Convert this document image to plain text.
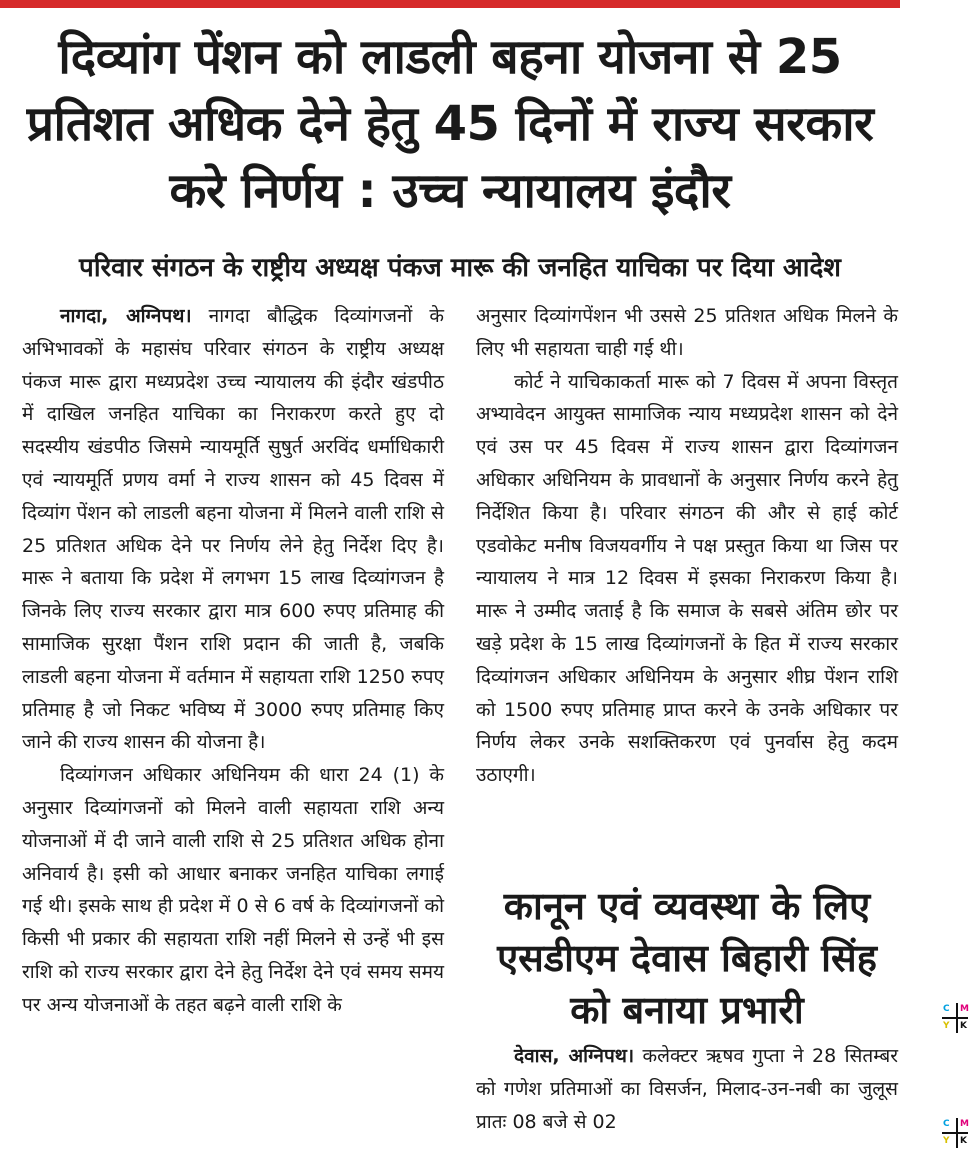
दिव्यांग पेंशन को लाडली बहना योजना से 25 प्रतिशत अधिक देने हेतु 45 दिनों में राज्य सरकार करे निर्णय : उच्च न्यायालय इंदौर
परिवार संगठन के राष्ट्रीय अध्यक्ष पंकज मारू की जनहित याचिका पर दिया आदेश

नागदा, अग्निपथ। नागदा बौद्धिक दिव्यांगजनों के अभिभावकों के महासंघ परिवार संगठन के राष्ट्रीय अध्यक्ष पंकज मारू द्वारा मध्यप्रदेश उच्च न्यायालय की इंदौर खंडपीठ में दाखिल जनहित याचिका का निराकरण करते हुए दो सदस्यीय खंडपीठ जिसमे न्यायमूर्ति सुषुर्त अरविंद धर्माधिकारी एवं न्यायमूर्ति प्रणय वर्मा ने राज्य शासन को 45 दिवस में दिव्यांग पेंशन को लाडली बहना योजना में मिलने वाली राशि से 25 प्रतिशत अधिक देने पर निर्णय लेने हेतु निर्देश दिए है। मारू ने बताया कि प्रदेश में लगभग 15 लाख दिव्यांगजन है जिनके लिए राज्य सरकार द्वारा मात्र 600 रुपए प्रतिमाह की सामाजिक सुरक्षा पैंशन राशि प्रदान की जाती है, जबकि लाडली बहना योजना में वर्तमान में सहायता राशि 1250 रुपए प्रतिमाह है जो निकट भविष्य में 3000 रुपए प्रतिमाह किए जाने की राज्य शासन की योजना है।

दिव्यांगजन अधिकार अधिनियम की धारा 24 (1) के अनुसार दिव्यांगजनों को मिलने वाली सहायता राशि अन्य योजनाओं में दी जाने वाली राशि से 25 प्रतिशत अधिक होना अनिवार्य है। इसी को आधार बनाकर जनहित याचिका लगाई गई थी। इसके साथ ही प्रदेश में 0 से 6 वर्ष के दिव्यांगजनों को किसी भी प्रकार की सहायता राशि नहीं मिलने से उन्हें भी इस राशि को राज्य सरकार द्वारा देने हेतु निर्देश देने एवं समय समय पर अन्य योजनाओं के तहत बढ़ने वाली राशि के

अनुसार दिव्यांगपेंशन भी उससे 25 प्रतिशत अधिक मिलने के लिए भी सहायता चाही गई थी।

कोर्ट ने याचिकाकर्ता मारू को 7 दिवस में अपना विस्तृत अभ्यावेदन आयुक्त सामाजिक न्याय मध्यप्रदेश शासन को देने एवं उस पर 45 दिवस में राज्य शासन द्वारा दिव्यांगजन अधिकार अधिनियम के प्रावधानों के अनुसार निर्णय करने हेतु निर्देशित किया है। परिवार संगठन की और से हाई कोर्ट एडवोकेट मनीष विजयवर्गीय ने पक्ष प्रस्तुत किया था जिस पर न्यायालय ने मात्र 12 दिवस में इसका निराकरण किया है। मारू ने उम्मीद जताई है कि समाज के सबसे अंतिम छोर पर खड़े प्रदेश के 15 लाख दिव्यांगजनों के हित में राज्य सरकार दिव्यांगजन अधिकार अधिनियम के अनुसार शीघ्र पेंशन राशि को 1500 रुपए प्रतिमाह प्राप्त करने के उनके अधिकार पर निर्णय लेकर उनके सशक्तिकरण एवं पुनर्वास हेतु कदम उठाएगी।

कानून एवं व्यवस्था के लिए एसडीएम देवास बिहारी सिंह को बनाया प्रभारी

देवास, अग्निपथ। कलेक्टर ऋषव गुप्ता ने 28 सितम्बर को गणेश प्रतिमाओं का विसर्जन, मिलाद-उन-नबी का जुलूस प्रातः 08 बजे से 02

C M
Y K
C M
Y K
